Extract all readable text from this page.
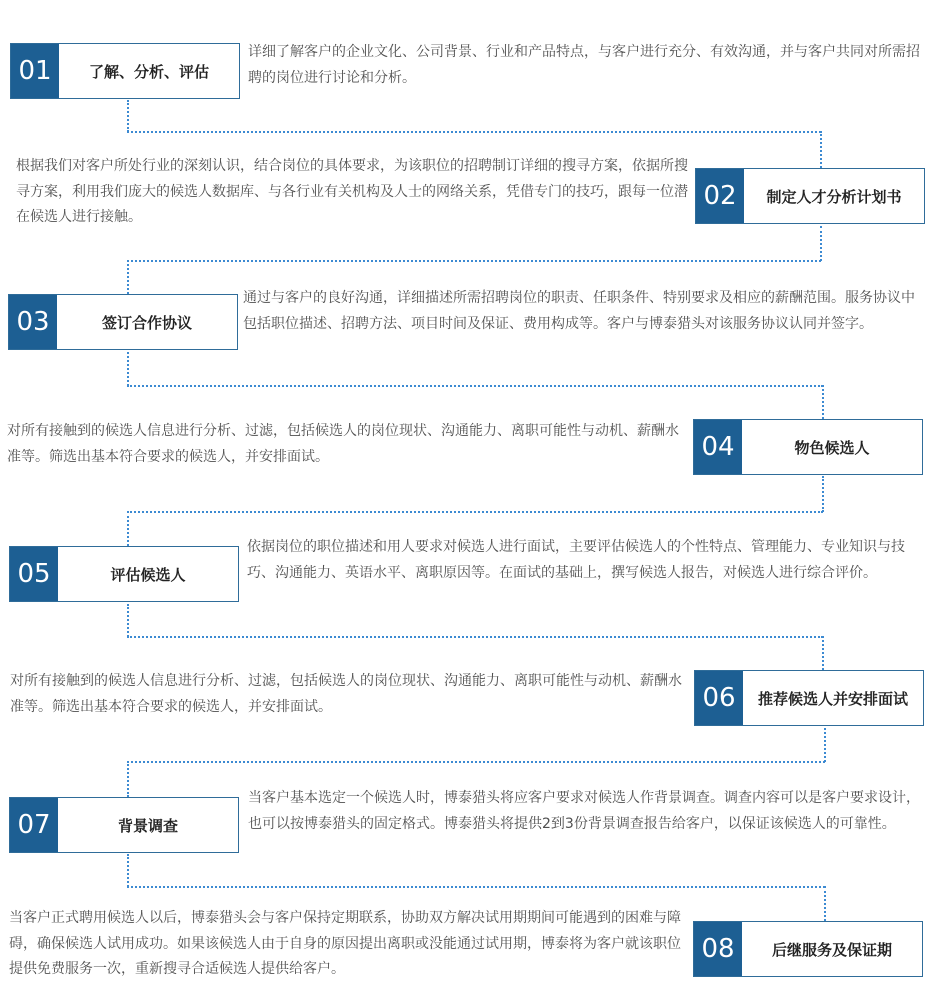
01	了解、分析、评估
详细了解客户的企业文化、公司背景、行业和产品特点，与客户进行充分、有效沟通，并与客户共同对所需招聘的岗位进行讨论和分析。
根据我们对客户所处行业的深刻认识，结合岗位的具体要求，为该职位的招聘制订详细的搜寻方案，依据所搜寻方案，利用我们庞大的候选人数据库、与各行业有关机构及人士的网络关系，凭借专门的技巧，跟每一位潜在候选人进行接触。
02	制定人才分析计划书
03	签订合作协议
通过与客户的良好沟通，详细描述所需招聘岗位的职责、任职条件、特别要求及相应的薪酬范围。服务协议中包括职位描述、招聘方法、项目时间及保证、费用构成等。客户与博泰猎头对该服务协议认同并签字。
对所有接触到的候选人信息进行分析、过滤，包括候选人的岗位现状、沟通能力、离职可能性与动机、薪酬水准等。筛选出基本符合要求的候选人，并安排面试。	04	物色候选人
05	评估候选人
依据岗位的职位描述和用人要求对候选人进行面试，主要评估候选人的个性特点、管理能力、专业知识与技巧、沟通能力、英语水平、离职原因等。在面试的基础上，撰写候选人报告，对候选人进行综合评价。
对所有接触到的候选人信息进行分析、过滤，包括候选人的岗位现状、沟通能力、离职可能性与动机、薪酬水准等。筛选出基本符合要求的候选人，并安排面试。	06	推荐候选人并安排面试
07	背景调查
当客户基本选定一个候选人时，博泰猎头将应客户要求对候选人作背景调查。调查内容可以是客户要求设计，也可以按博泰猎头的固定格式。博泰猎头将提供2到3份背景调查报告给客户，以保证该候选人的可靠性。
当客户正式聘用候选人以后，博泰猎头会与客户保持定期联系，协助双方解决试用期期间可能遇到的困难与障碍，确保候选人试用成功。如果该候选人由于自身的原因提出离职或没能通过试用期，博泰将为客户就该职位提供免费服务一次，重新搜寻合适候选人提供给客户。
08	后继服务及保证期
